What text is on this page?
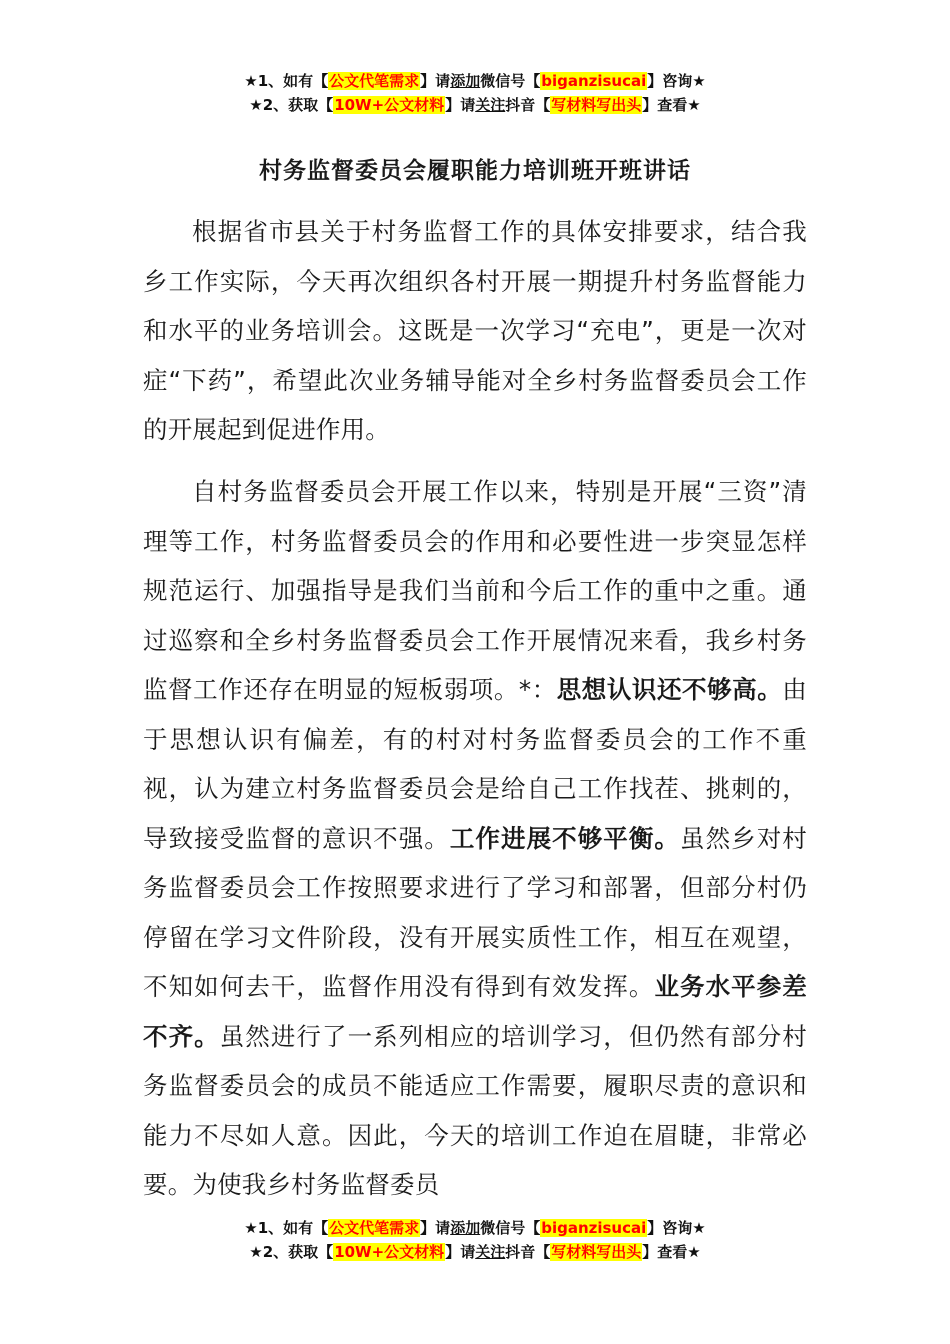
★1、如有【公文代笔需求】请添加微信号【biganzisucai】咨询★
★2、获取【10W+公文材料】请关注抖音【写材料写出头】查看★
村务监督委员会履职能力培训班开班讲话

根据省市县关于村务监督工作的具体安排要求，结合我乡工作实际，今天再次组织各村开展一期提升村务监督能力和水平的业务培训会。这既是一次学习“充电”，更是一次对症“下药”，希望此次业务辅导能对全乡村务监督委员会工作的开展起到促进作用。

自村务监督委员会开展工作以来，特别是开展“三资”清理等工作，村务监督委员会的作用和必要性进一步突显怎样规范运行、加强指导是我们当前和今后工作的重中之重。通过巡察和全乡村务监督委员会工作开展情况来看，我乡村务监督工作还存在明显的短板弱项。*：思想认识还不够高。由于思想认识有偏差，有的村对村务监督委员会的工作不重视，认为建立村务监督委员会是给自己工作找茬、挑刺的，导致接受监督的意识不强。工作进展不够平衡。虽然乡对村务监督委员会工作按照要求进行了学习和部署，但部分村仍停留在学习文件阶段，没有开展实质性工作，相互在观望，不知如何去干，监督作用没有得到有效发挥。业务水平参差不齐。虽然进行了一系列相应的培训学习，但仍然有部分村务监督委员会的成员不能适应工作需要，履职尽责的意识和能力不尽如人意。因此，今天的培训工作迫在眉睫，非常必要。为使我乡村务监督委员

★1、如有【公文代笔需求】请添加微信号【biganzisucai】咨询★
★2、获取【10W+公文材料】请关注抖音【写材料写出头】查看★
